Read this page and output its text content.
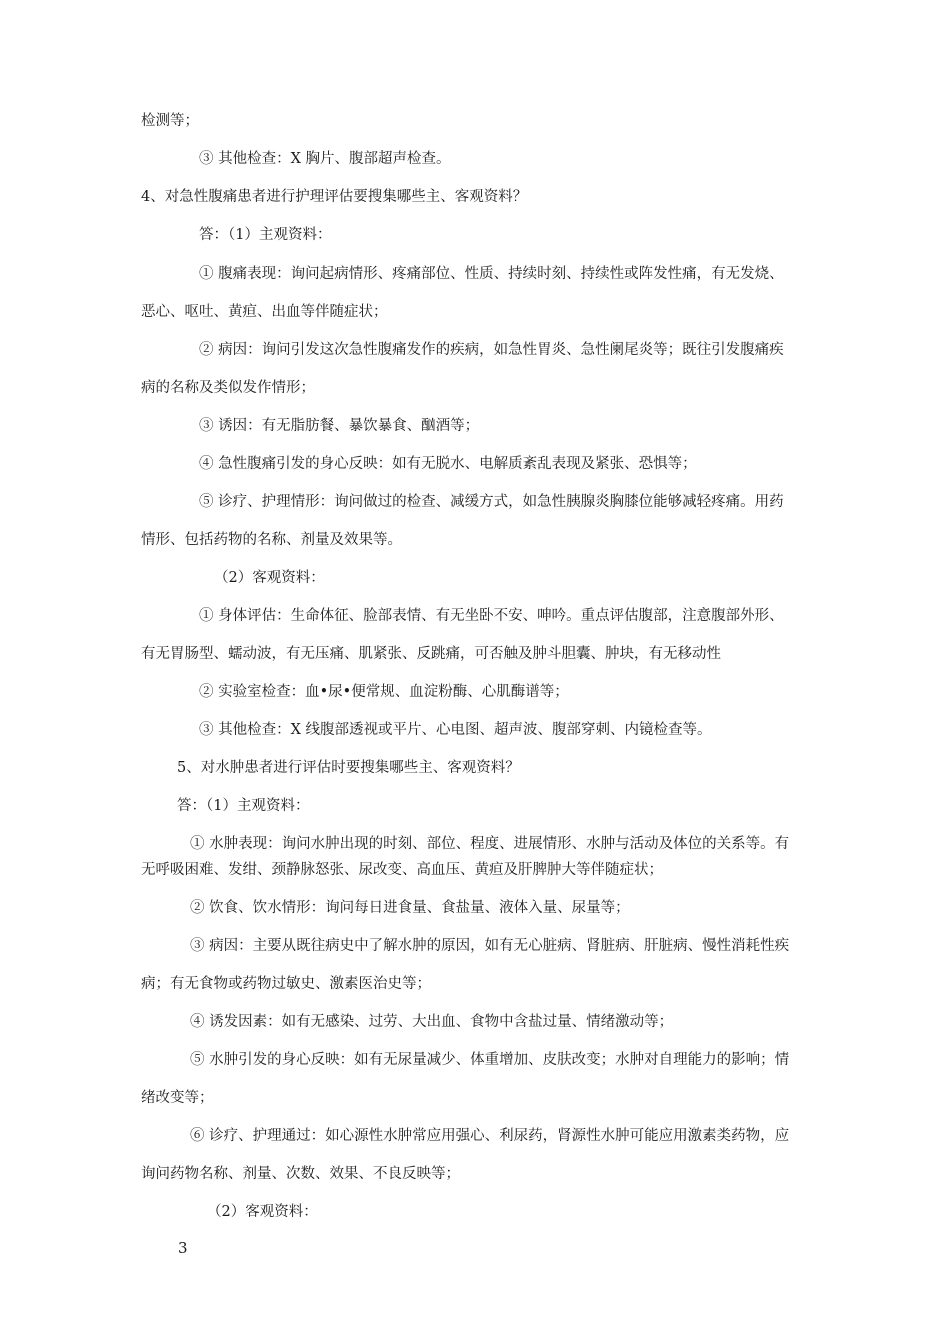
检测等；
③ 其他检查：X 胸片、腹部超声检查。
4、对急性腹痛患者进行护理评估要搜集哪些主、客观资料？
答：（1）主观资料：
① 腹痛表现：询问起病情形、疼痛部位、性质、持续时刻、持续性或阵发性痛，有无发烧、
恶心、呕吐、黄疸、出血等伴随症状；
② 病因：询问引发这次急性腹痛发作的疾病，如急性胃炎、急性阑尾炎等；既往引发腹痛疾
病的名称及类似发作情形；
③ 诱因：有无脂肪餐、暴饮暴食、酗酒等；
④ 急性腹痛引发的身心反映：如有无脱水、电解质紊乱表现及紧张、恐惧等；
⑤ 诊疗、护理情形：询问做过的检查、减缓方式，如急性胰腺炎胸膝位能够减轻疼痛。用药
情形、包括药物的名称、剂量及效果等。
（2）客观资料：
① 身体评估：生命体征、脸部表情、有无坐卧不安、呻吟。重点评估腹部，注意腹部外形、
有无胃肠型、蠕动波，有无压痛、肌紧张、反跳痛，可否触及肿斗胆囊、肿块，有无移动性
② 实验室检查：血•尿•便常规、血淀粉酶、心肌酶谱等；
③ 其他检查：X 线腹部透视或平片、心电图、超声波、腹部穿刺、内镜检查等。
5、对水肿患者进行评估时要搜集哪些主、客观资料？
答：（1）主观资料：
① 水肿表现：询问水肿出现的时刻、部位、程度、进展情形、水肿与活动及体位的关系等。有
无呼吸困难、发绀、颈静脉怒张、尿改变、高血压、黄疸及肝脾肿大等伴随症状；
② 饮食、饮水情形：询问每日进食量、食盐量、液体入量、尿量等；
③ 病因：主要从既往病史中了解水肿的原因，如有无心脏病、肾脏病、肝脏病、慢性消耗性疾
病；有无食物或药物过敏史、激素医治史等；
④ 诱发因素：如有无感染、过劳、大出血、食物中含盐过量、情绪激动等；
⑤ 水肿引发的身心反映：如有无尿量减少、体重增加、皮肤改变；水肿对自理能力的影响；情
绪改变等；
⑥ 诊疗、护理通过：如心源性水肿常应用强心、利尿药，肾源性水肿可能应用激素类药物，应
询问药物名称、剂量、次数、效果、不良反映等；
（2）客观资料：
3
